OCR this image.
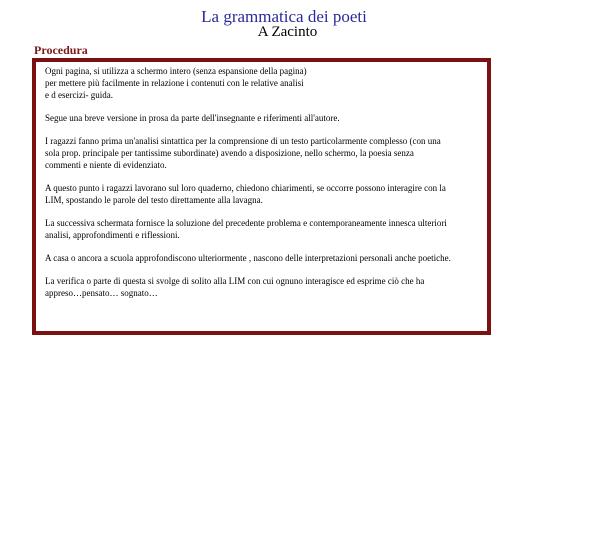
La grammatica dei poeti
A Zacinto
Procedura

Ogni pagina, si utilizza a schermo intero (senza espansione della pagina)
per mettere più facilmente in relazione i contenuti con le relative analisi
e d esercizi- guida.

Segue una breve versione in prosa da parte dell'insegnante e riferimenti all'autore.

I ragazzi fanno prima un'analisi sintattica per la comprensione di un testo particolarmente complesso (con una
sola prop. principale per tantissime subordinate) avendo a disposizione, nello schermo, la poesia senza
commenti e niente di evidenziato.

A questo punto i ragazzi lavorano sul loro quaderno, chiedono chiarimenti, se occorre possono interagire con la
LIM, spostando le parole del testo direttamente alla lavagna.

La successiva schermata fornisce la soluzione del precedente problema e contemporaneamente innesca ulteriori
analisi, approfondimenti e riflessioni.

A casa o ancora a scuola approfondiscono ulteriormente , nascono delle interpretazioni personali anche poetiche.

La verifica o parte di questa si svolge di solito alla LIM con cui ognuno interagisce ed esprime ciò che ha
appreso…pensato… sognato…
